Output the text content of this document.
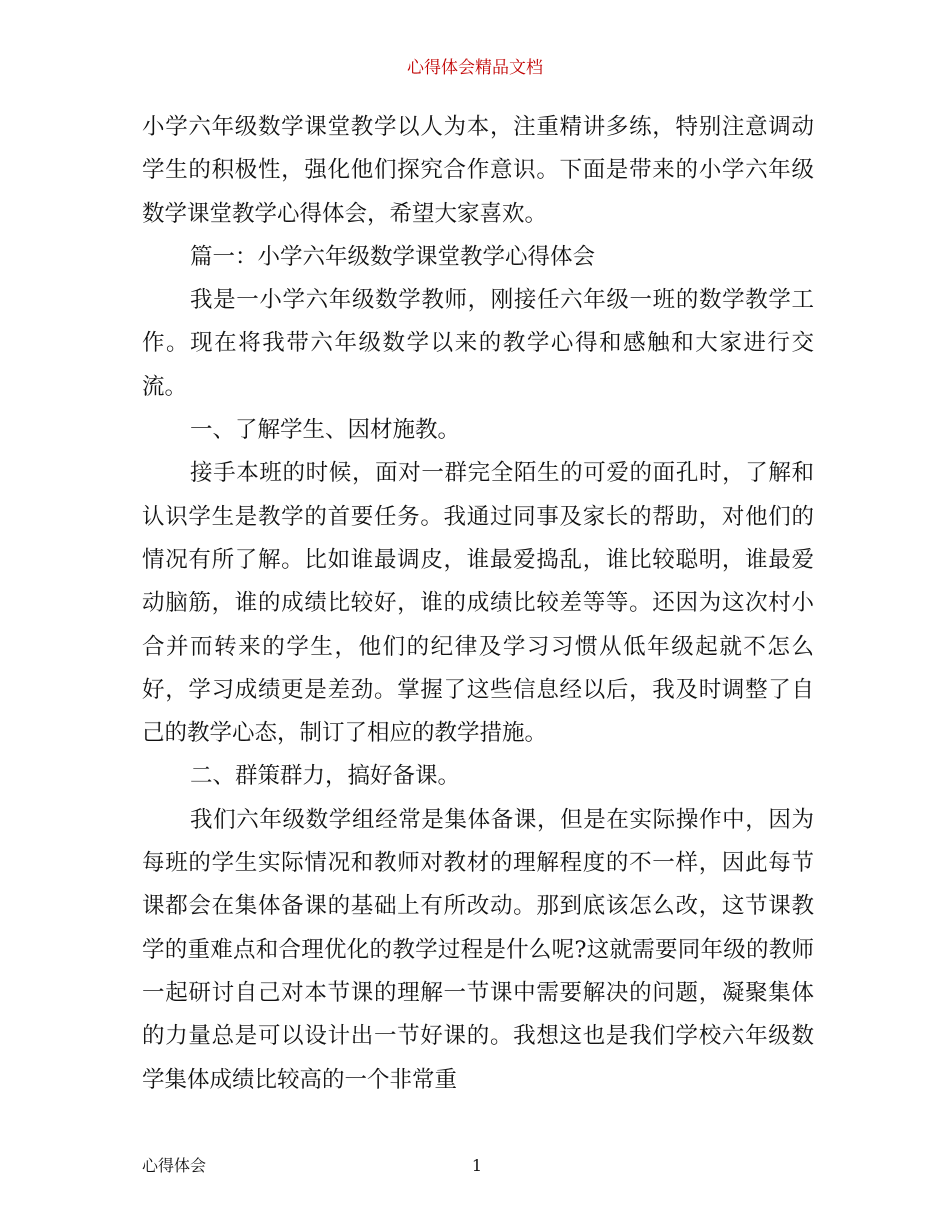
心得体会精品文档

小学六年级数学课堂教学以人为本，注重精讲多练，特别注意调动学生的积极性，强化他们探究合作意识。下面是带来的小学六年级数学课堂教学心得体会，希望大家喜欢。

篇一：小学六年级数学课堂教学心得体会

我是一小学六年级数学教师，刚接任六年级一班的数学教学工作。现在将我带六年级数学以来的教学心得和感触和大家进行交流。

一、了解学生、因材施教。

接手本班的时候，面对一群完全陌生的可爱的面孔时，了解和认识学生是教学的首要任务。我通过同事及家长的帮助，对他们的情况有所了解。比如谁最调皮，谁最爱捣乱，谁比较聪明，谁最爱动脑筋，谁的成绩比较好，谁的成绩比较差等等。还因为这次村小合并而转来的学生，他们的纪律及学习习惯从低年级起就不怎么好，学习成绩更是差劲。掌握了这些信息经以后，我及时调整了自己的教学心态，制订了相应的教学措施。

二、群策群力，搞好备课。

我们六年级数学组经常是集体备课，但是在实际操作中，因为每班的学生实际情况和教师对教材的理解程度的不一样，因此每节课都会在集体备课的基础上有所改动。那到底该怎么改，这节课教学的重难点和合理优化的教学过程是什么呢?这就需要同年级的教师一起研讨自己对本节课的理解一节课中需要解决的问题，凝聚集体的力量总是可以设计出一节好课的。我想这也是我们学校六年级数学集体成绩比较高的一个非常重

心得体会	1
